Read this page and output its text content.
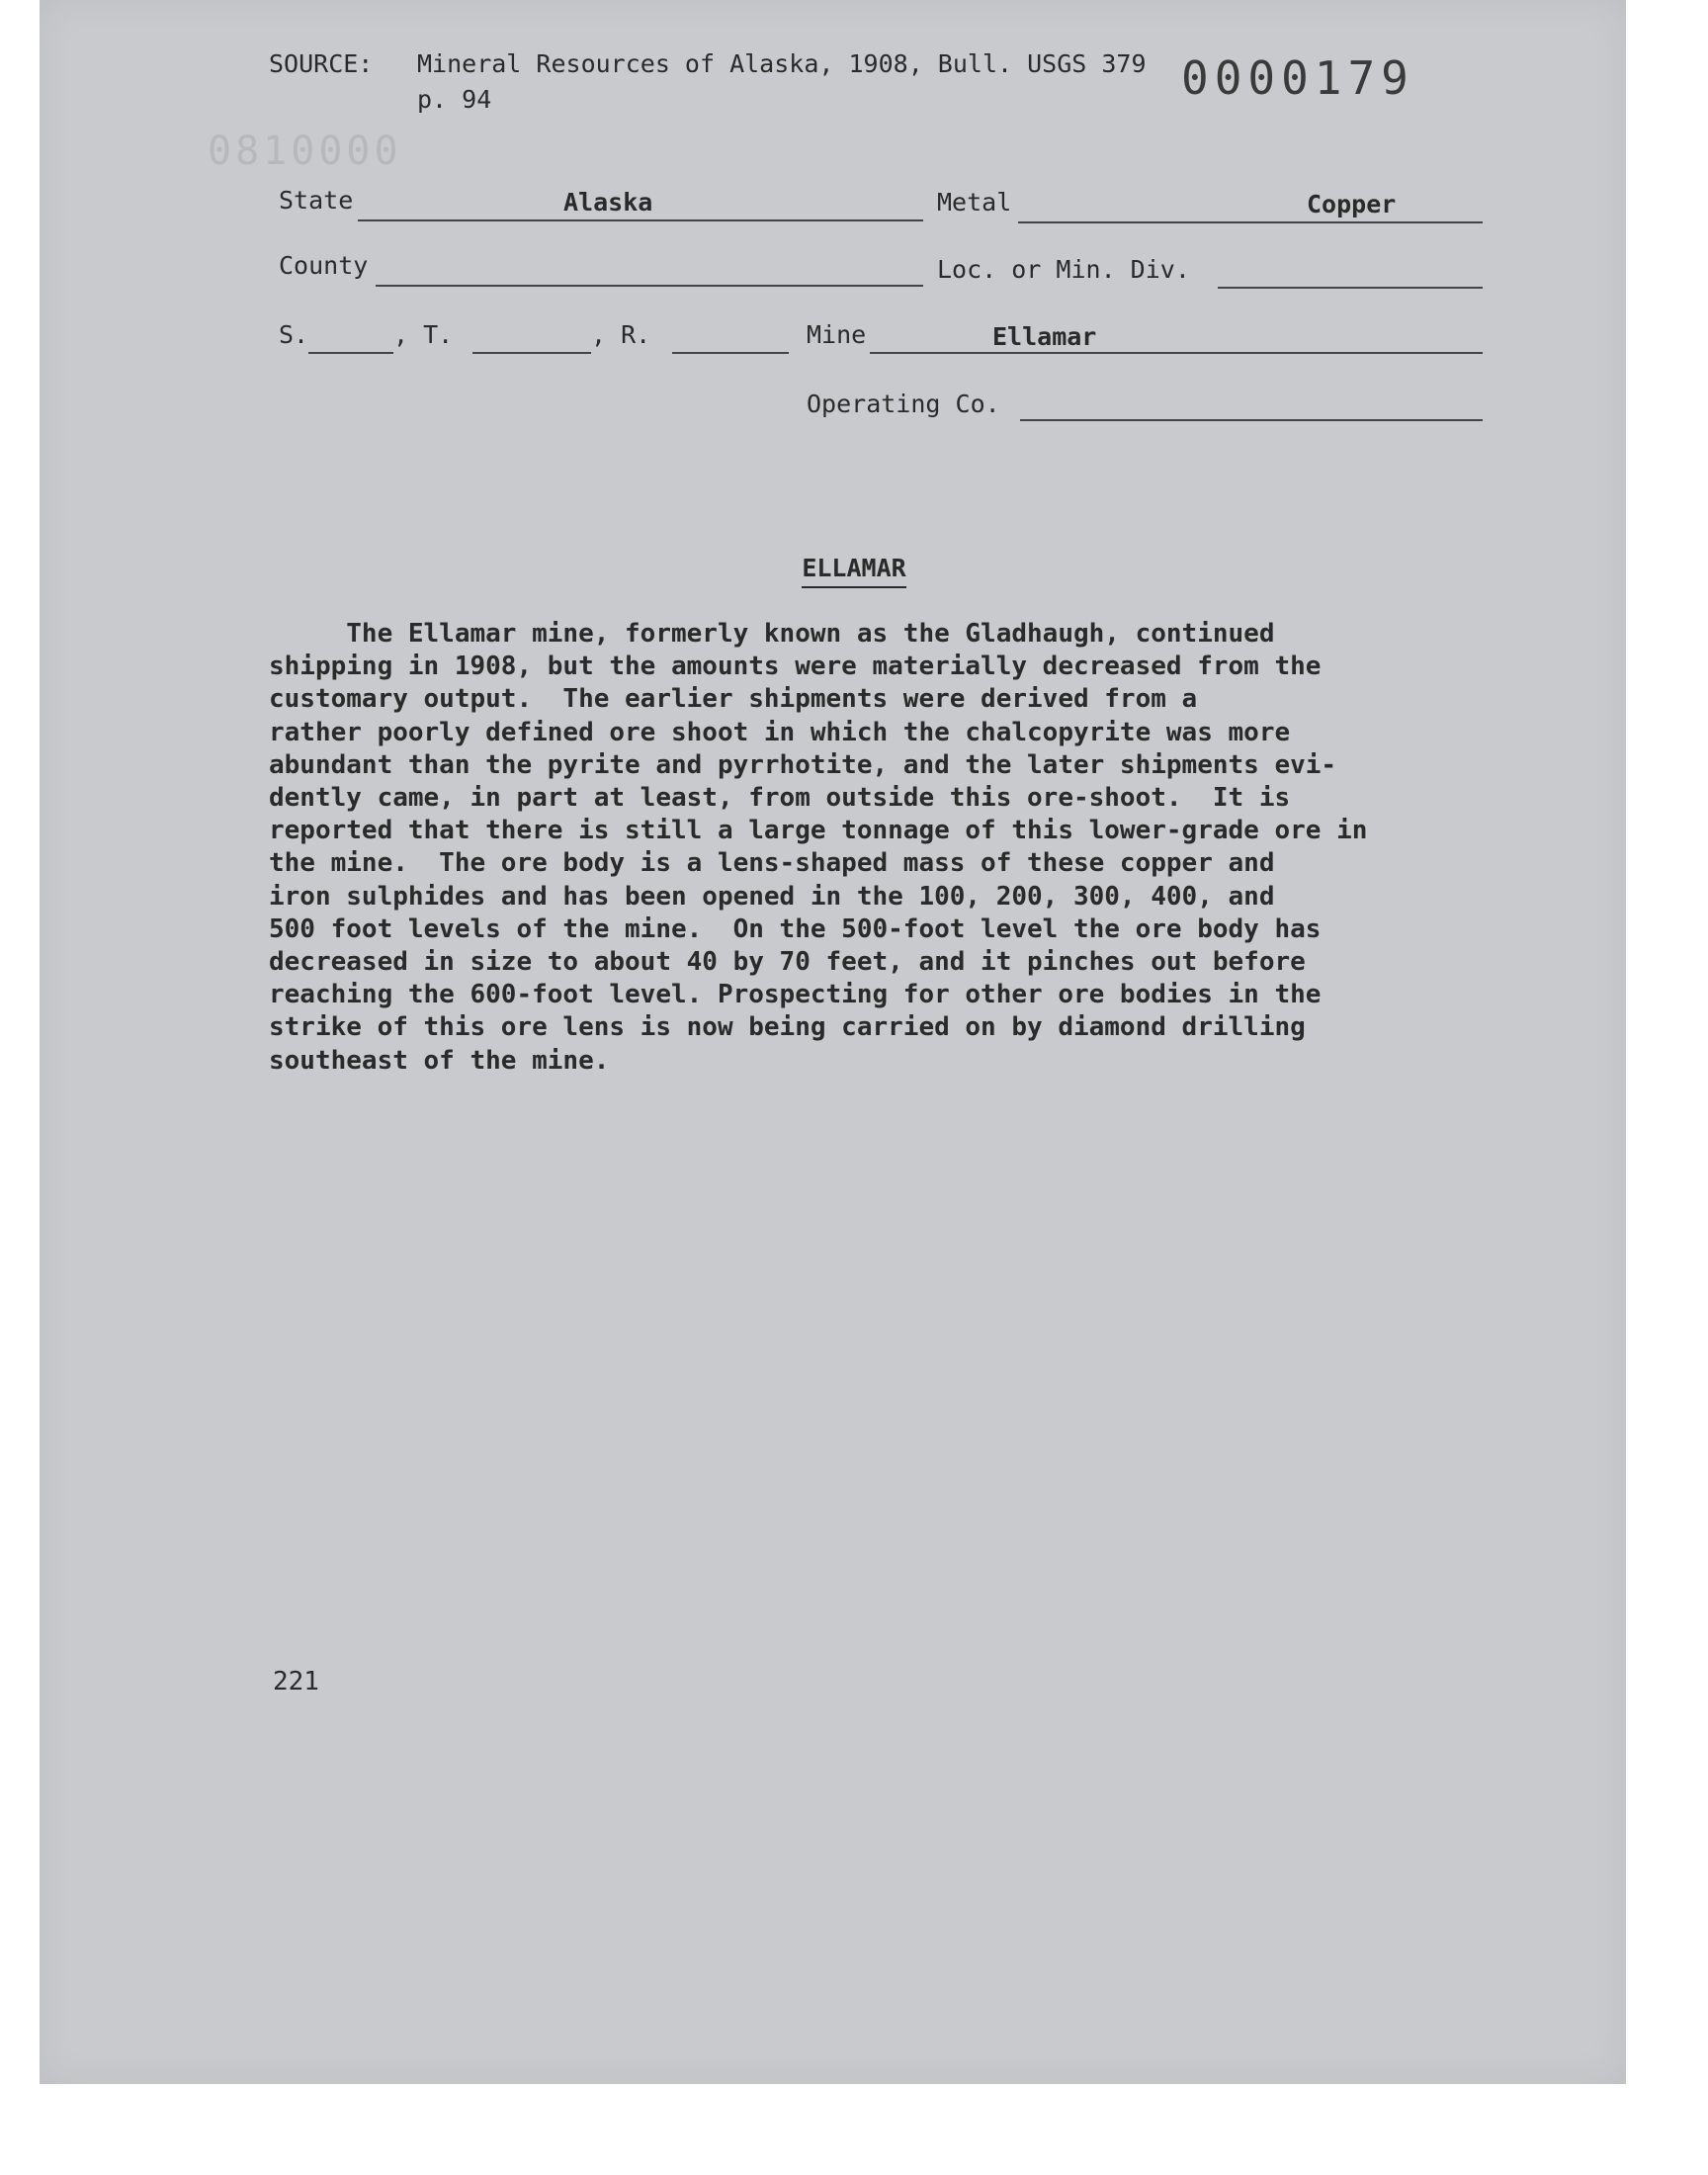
0810000
SOURCE: Mineral Resources of Alaska, 1908, Bull. USGS 379
p. 94	0000179
State	Alaska	Metal	Copper
County	Loc. or Min. Div.
S.	, T.	, R.	Mine	Ellamar
Operating Co.
ELLAMAR
The Ellamar mine, formerly known as the Gladhaugh, continued
shipping in 1908, but the amounts were materially decreased from the
customary output.  The earlier shipments were derived from a
rather poorly defined ore shoot in which the chalcopyrite was more
abundant than the pyrite and pyrrhotite, and the later shipments evi-
dently came, in part at least, from outside this ore-shoot.  It is
reported that there is still a large tonnage of this lower-grade ore in
the mine.  The ore body is a lens-shaped mass of these copper and
iron sulphides and has been opened in the 100, 200, 300, 400, and
500 foot levels of the mine.  On the 500-foot level the ore body has
decreased in size to about 40 by 70 feet, and it pinches out before
reaching the 600-foot level. Prospecting for other ore bodies in the
strike of this ore lens is now being carried on by diamond drilling
southeast of the mine.
221
